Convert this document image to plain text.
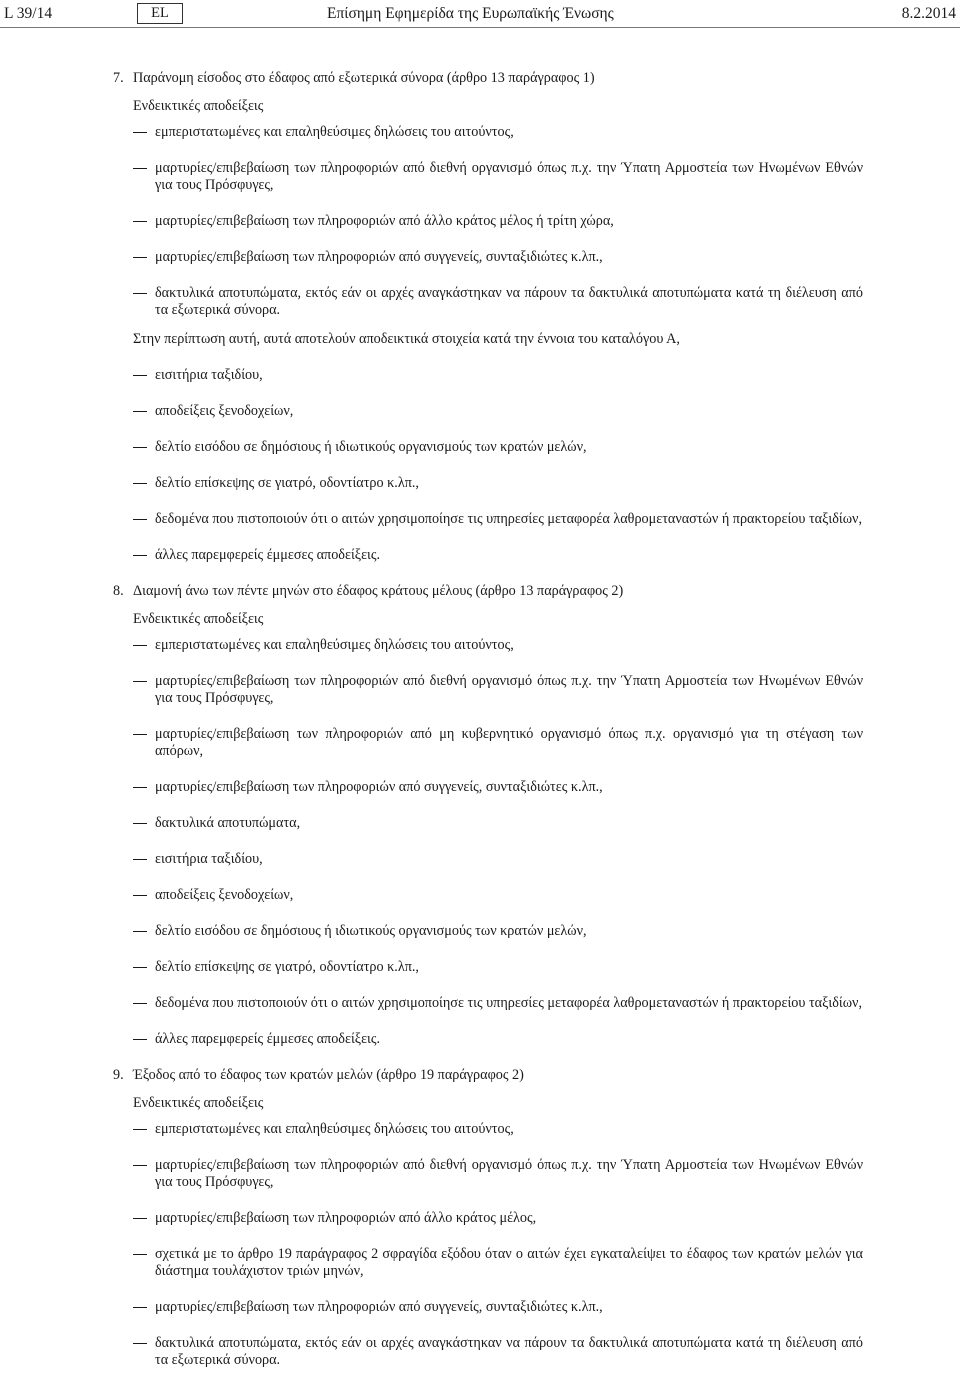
L 39/14	EL	Επίσημη Εφημερίδα της Ευρωπαϊκής Ένωσης	8.2.2014
7. Παράνομη είσοδος στο έδαφος από εξωτερικά σύνορα (άρθρο 13 παράγραφος 1)
Ενδεικτικές αποδείξεις
εμπεριστατωμένες και επαληθεύσιμες δηλώσεις του αιτούντος,
μαρτυρίες/επιβεβαίωση των πληροφοριών από διεθνή οργανισμό όπως π.χ. την Ύπατη Αρμοστεία των Ηνωμένων Εθνών για τους Πρόσφυγες,
μαρτυρίες/επιβεβαίωση των πληροφοριών από άλλο κράτος μέλος ή τρίτη χώρα,
μαρτυρίες/επιβεβαίωση των πληροφοριών από συγγενείς, συνταξιδιώτες κ.λπ.,
δακτυλικά αποτυπώματα, εκτός εάν οι αρχές αναγκάστηκαν να πάρουν τα δακτυλικά αποτυπώματα κατά τη διέλευση από τα εξωτερικά σύνορα.
Στην περίπτωση αυτή, αυτά αποτελούν αποδεικτικά στοιχεία κατά την έννοια του καταλόγου Α,
εισιτήρια ταξιδίου,
αποδείξεις ξενοδοχείων,
δελτίο εισόδου σε δημόσιους ή ιδιωτικούς οργανισμούς των κρατών μελών,
δελτίο επίσκεψης σε γιατρό, οδοντίατρο κ.λπ.,
δεδομένα που πιστοποιούν ότι ο αιτών χρησιμοποίησε τις υπηρεσίες μεταφορέα λαθρομεταναστών ή πρακτορείου ταξιδίων,
άλλες παρεμφερείς έμμεσες αποδείξεις.
8. Διαμονή άνω των πέντε μηνών στο έδαφος κράτους μέλους (άρθρο 13 παράγραφος 2)
Ενδεικτικές αποδείξεις
εμπεριστατωμένες και επαληθεύσιμες δηλώσεις του αιτούντος,
μαρτυρίες/επιβεβαίωση των πληροφοριών από διεθνή οργανισμό όπως π.χ. την Ύπατη Αρμοστεία των Ηνωμένων Εθνών για τους Πρόσφυγες,
μαρτυρίες/επιβεβαίωση των πληροφοριών από μη κυβερνητικό οργανισμό όπως π.χ. οργανισμό για τη στέγαση των απόρων,
μαρτυρίες/επιβεβαίωση των πληροφοριών από συγγενείς, συνταξιδιώτες κ.λπ.,
δακτυλικά αποτυπώματα,
εισιτήρια ταξιδίου,
αποδείξεις ξενοδοχείων,
δελτίο εισόδου σε δημόσιους ή ιδιωτικούς οργανισμούς των κρατών μελών,
δελτίο επίσκεψης σε γιατρό, οδοντίατρο κ.λπ.,
δεδομένα που πιστοποιούν ότι ο αιτών χρησιμοποίησε τις υπηρεσίες μεταφορέα λαθρομεταναστών ή πρακτορείου ταξιδίων,
άλλες παρεμφερείς έμμεσες αποδείξεις.
9. Έξοδος από το έδαφος των κρατών μελών (άρθρο 19 παράγραφος 2)
Ενδεικτικές αποδείξεις
εμπεριστατωμένες και επαληθεύσιμες δηλώσεις του αιτούντος,
μαρτυρίες/επιβεβαίωση των πληροφοριών από διεθνή οργανισμό όπως π.χ. την Ύπατη Αρμοστεία των Ηνωμένων Εθνών για τους Πρόσφυγες,
μαρτυρίες/επιβεβαίωση των πληροφοριών από άλλο κράτος μέλος,
σχετικά με το άρθρο 19 παράγραφος 2 σφραγίδα εξόδου όταν ο αιτών έχει εγκαταλείψει το έδαφος των κρατών μελών για διάστημα τουλάχιστον τριών μηνών,
μαρτυρίες/επιβεβαίωση των πληροφοριών από συγγενείς, συνταξιδιώτες κ.λπ.,
δακτυλικά αποτυπώματα, εκτός εάν οι αρχές αναγκάστηκαν να πάρουν τα δακτυλικά αποτυπώματα κατά τη διέλευση από τα εξωτερικά σύνορα.
